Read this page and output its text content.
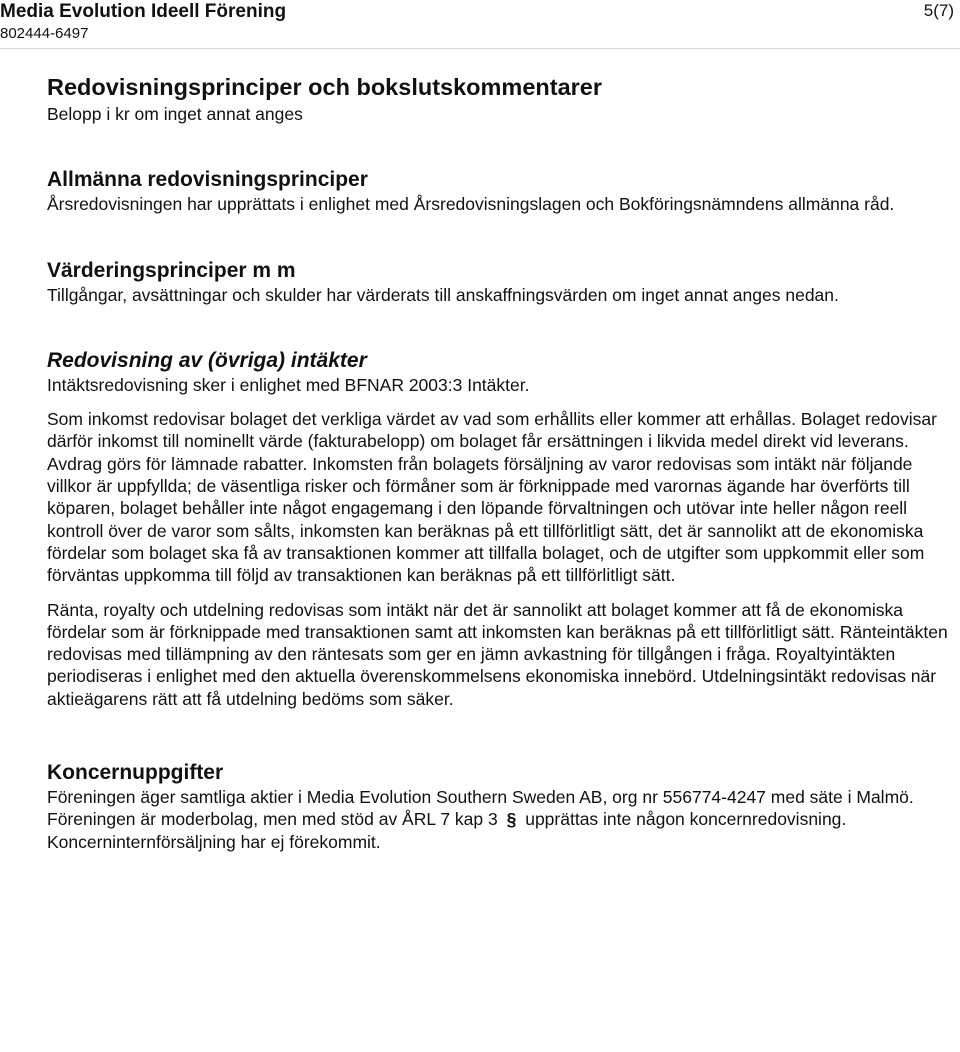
Media Evolution Ideell Förening
802444-6497
5(7)
Redovisningsprinciper och bokslutskommentarer

Belopp i kr om inget annat anges

Allmänna redovisningsprinciper

Årsredovisningen har upprättats i enlighet med Årsredovisningslagen och Bokföringsnämndens allmänna råd.

Värderingsprinciper m m

Tillgångar, avsättningar och skulder har värderats till anskaffningsvärden om inget annat anges nedan.

Redovisning av (övriga) intäkter

Intäktsredovisning sker i enlighet med BFNAR 2003:3 Intäkter.

Som inkomst redovisar bolaget det verkliga värdet av vad som erhållits eller kommer att erhållas. Bolaget redovisar därför inkomst till nominellt värde (fakturabelopp) om bolaget får ersättningen i likvida medel direkt vid leverans. Avdrag görs för lämnade rabatter. Inkomsten från bolagets försäljning av varor redovisas som intäkt när följande villkor är uppfyllda; de väsentliga risker och förmåner som är förknippade med varornas ägande har överförts till köparen, bolaget behåller inte något engagemang i den löpande förvaltningen och utövar inte heller någon reell kontroll över de varor som sålts, inkomsten kan beräknas på ett tillförlitligt sätt, det är sannolikt att de ekonomiska fördelar som bolaget ska få av transaktionen kommer att tillfalla bolaget, och de utgifter som uppkommit eller som förväntas uppkomma till följd av transaktionen kan beräknas på ett tillförlitligt sätt.

Ränta, royalty och utdelning redovisas som intäkt när det är sannolikt att bolaget kommer att få de ekonomiska fördelar som är förknippade med transaktionen samt att inkomsten kan beräknas på ett tillförlitligt sätt. Ränteintäkten redovisas med tillämpning av den räntesats som ger en jämn avkastning för tillgången i fråga. Royaltyintäkten periodiseras i enlighet med den aktuella överenskommelsens ekonomiska innebörd. Utdelningsintäkt redovisas när aktieägarens rätt att få utdelning bedöms som säker.

Koncernuppgifter

Föreningen äger samtliga aktier i Media Evolution Southern Sweden AB, org nr 556774-4247 med säte i Malmö. Föreningen är moderbolag, men med stöd av ÅRL 7 kap 3 § upprättas inte någon koncernredovisning.

Koncerninternförsäljning har ej förekommit.
